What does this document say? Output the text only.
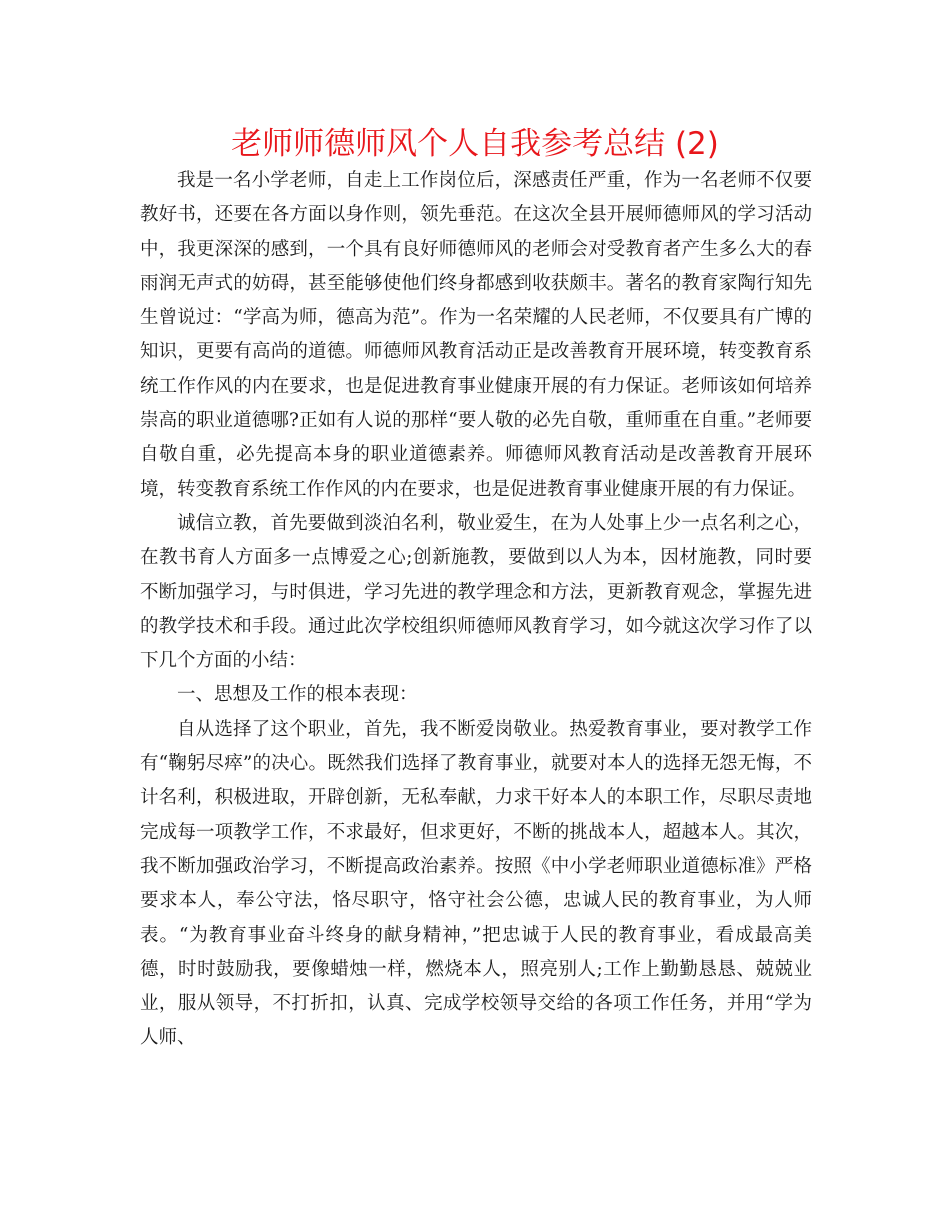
老师师德师风个人自我参考总结 (2)

我是一名小学老师，自走上工作岗位后，深感责任严重，作为一名老师不仅要教好书，还要在各方面以身作则，领先垂范。在这次全县开展师德师风的学习活动中，我更深深的感到，一个具有良好师德师风的老师会对受教育者产生多么大的春雨润无声式的妨碍，甚至能够使他们终身都感到收获颇丰。著名的教育家陶行知先生曾说过：“学高为师，德高为范”。作为一名荣耀的人民老师，不仅要具有广博的知识，更要有高尚的道德。师德师风教育活动正是改善教育开展环境，转变教育系统工作作风的内在要求，也是促进教育事业健康开展的有力保证。老师该如何培养崇高的职业道德哪?正如有人说的那样“要人敬的必先自敬，重师重在自重。”老师要自敬自重，必先提高本身的职业道德素养。师德师风教育活动是改善教育开展环境，转变教育系统工作作风的内在要求，也是促进教育事业健康开展的有力保证。

诚信立教，首先要做到淡泊名利，敬业爱生，在为人处事上少一点名利之心，在教书育人方面多一点博爱之心;创新施教，要做到以人为本，因材施教，同时要不断加强学习，与时俱进，学习先进的教学理念和方法，更新教育观念，掌握先进的教学技术和手段。通过此次学校组织师德师风教育学习，如今就这次学习作了以下几个方面的小结：

一、思想及工作的根本表现：

自从选择了这个职业，首先，我不断爱岗敬业。热爱教育事业，要对教学工作有“鞠躬尽瘁”的决心。既然我们选择了教育事业，就要对本人的选择无怨无悔，不计名利，积极进取，开辟创新，无私奉献，力求干好本人的本职工作，尽职尽责地完成每一项教学工作，不求最好，但求更好，不断的挑战本人，超越本人。其次，我不断加强政治学习，不断提高政治素养。按照《中小学老师职业道德标准》严格要求本人，奉公守法，恪尽职守，恪守社会公德，忠诚人民的教育事业，为人师表。“为教育事业奋斗终身的献身精神，”把忠诚于人民的教育事业，看成最高美德，时时鼓励我，要像蜡烛一样，燃烧本人，照亮别人;工作上勤勤恳恳、兢兢业业，服从领导，不打折扣，认真、完成学校领导交给的各项工作任务，并用“学为人师、
